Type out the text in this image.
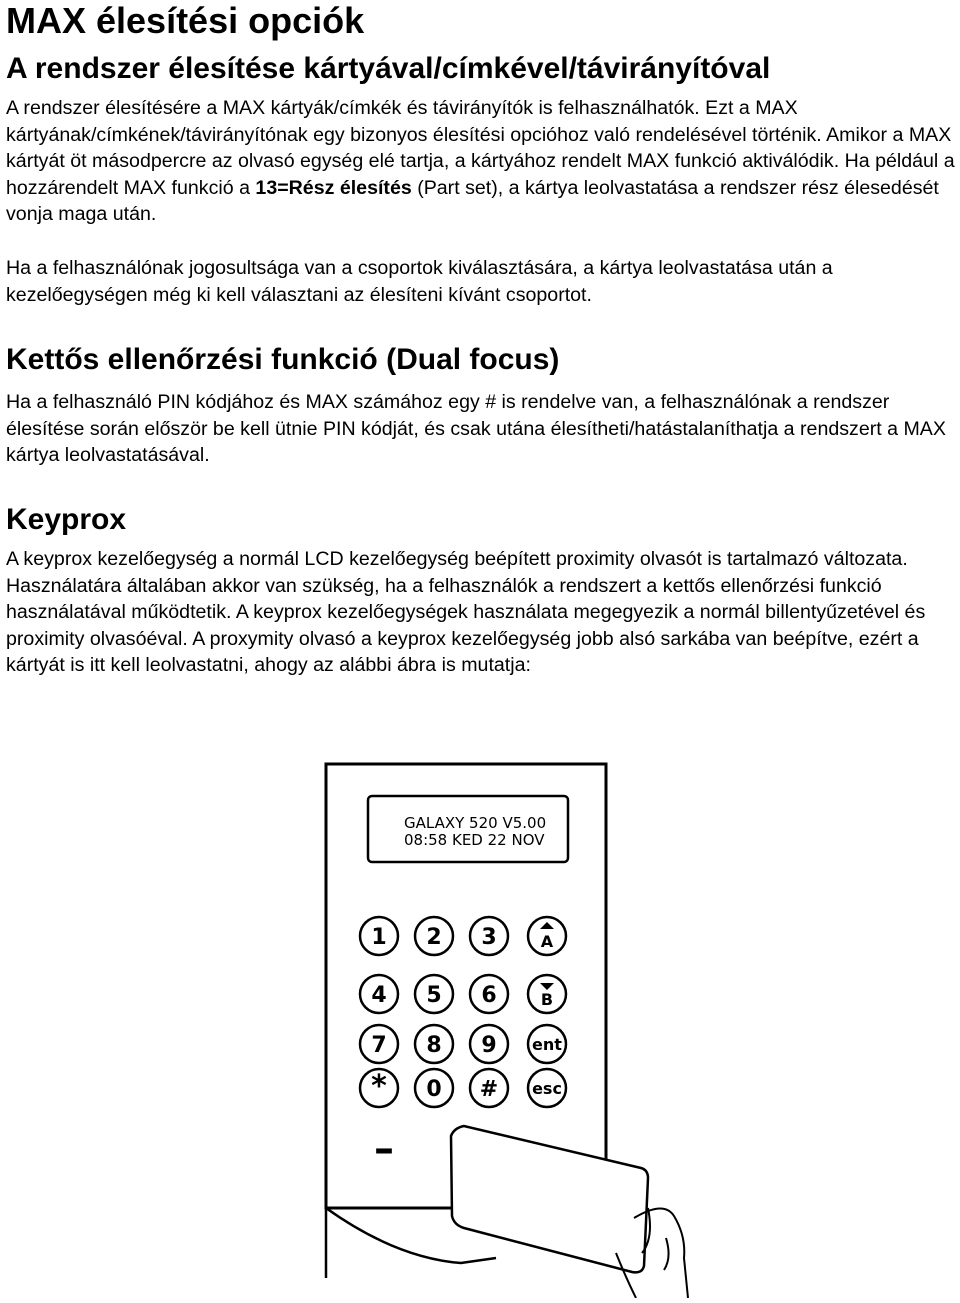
MAX élesítési opciók
A rendszer élesítése kártyával/címkével/távirányítóval

A rendszer élesítésére a MAX kártyák/címkék és távirányítók is felhasználhatók. Ezt a MAX kártyának/címkének/távirányítónak egy bizonyos élesítési opcióhoz való rendelésével történik. Amikor a MAX kártyát öt másodpercre az olvasó egység elé tartja, a kártyához rendelt MAX funkció aktiválódik. Ha például a hozzárendelt MAX funkció a 13=Rész élesítés (Part set), a kártya leolvastatása a rendszer rész élesedését vonja maga után.

Ha a felhasználónak jogosultsága van a csoportok kiválasztására, a kártya leolvastatása után a kezelőegységen még ki kell választani az élesíteni kívánt csoportot.

Kettős ellenőrzési funkció (Dual focus)

Ha a felhasználó PIN kódjához és MAX számához egy # is rendelve van, a felhasználónak a rendszer élesítése során először be kell ütnie PIN kódját, és csak utána élesítheti/hatástalaníthatja a rendszert a MAX kártya leolvastatásával.

Keyprox

A keyprox kezelőegység a normál LCD kezelőegység beépített proximity olvasót is tartalmazó változata. Használatára általában akkor van szükség, ha a felhasználók a rendszert a kettős ellenőrzési funkció használatával működtetik. A keyprox kezelőegységek használata megegyezik a normál billentyűzetével és proximity olvasóéval. A proxymity olvasó a keyprox kezelőegység jobb alsó sarkába van beépítve, ezért a kártyát is itt kell leolvastatni, ahogy az alábbi ábra is mutatja:

GALAXY 520 V5.00
08:58 KED 22 NOV
1 2 3	A
4 5 6	B
7 8 9 ent
* 0 # esc
–
